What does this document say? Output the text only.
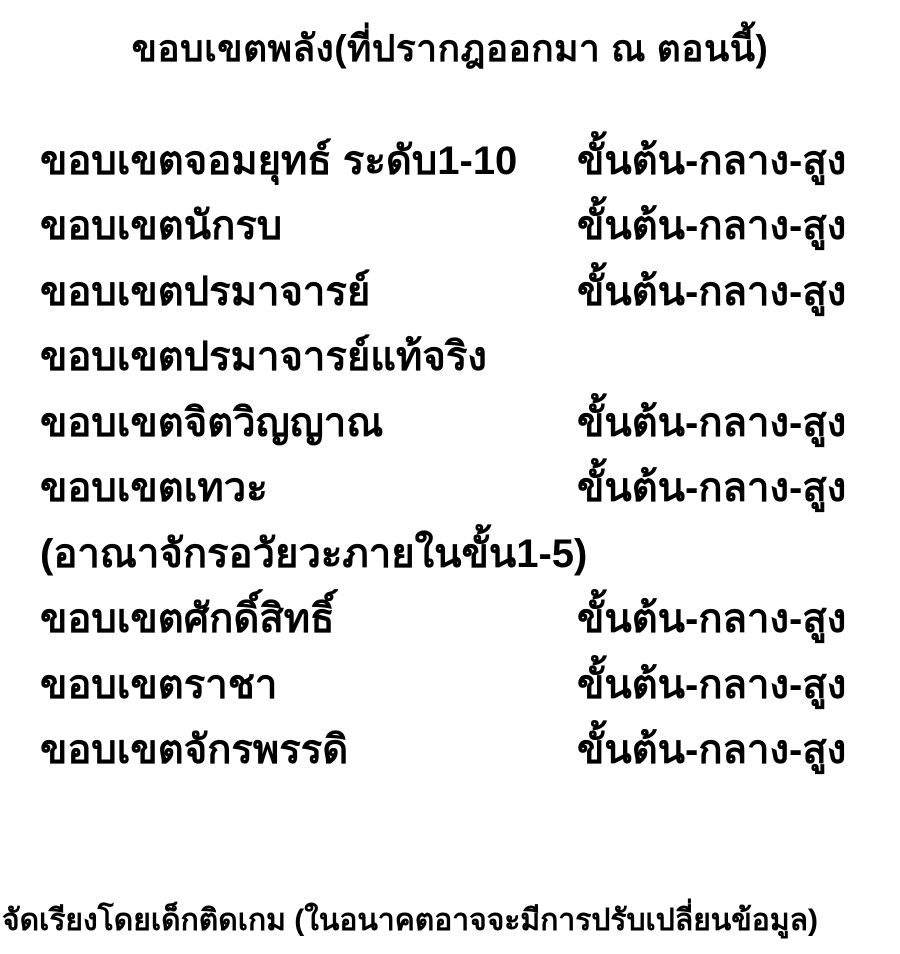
ขอบเขตพลัง(ที่ปรากฎออกมา ณ ตอนนี้)
ขอบเขตจอมยุทธ์ ระดับ1-10 ขั้นต้น-กลาง-สูง
ขอบเขตนักรบ	ขั้นต้น-กลาง-สูง
ขอบเขตปรมาจารย์	ขั้นต้น-กลาง-สูง
ขอบเขตปรมาจารย์แท้จริง
ขอบเขตจิตวิญญาณ	ขั้นต้น-กลาง-สูง
ขอบเขตเทวะ	ขั้นต้น-กลาง-สูง
(อาณาจักรอวัยวะภายในขั้น1-5)
ขอบเขตศักดิ์สิทธิ์	ขั้นต้น-กลาง-สูง
ขอบเขตราชา	ขั้นต้น-กลาง-สูง
ขอบเขตจักรพรรดิ	ขั้นต้น-กลาง-สูง
จัดเรียงโดยเด็กติดเกม (ในอนาคตอาจจะมีการปรับเปลี่ยนข้อมูล)
